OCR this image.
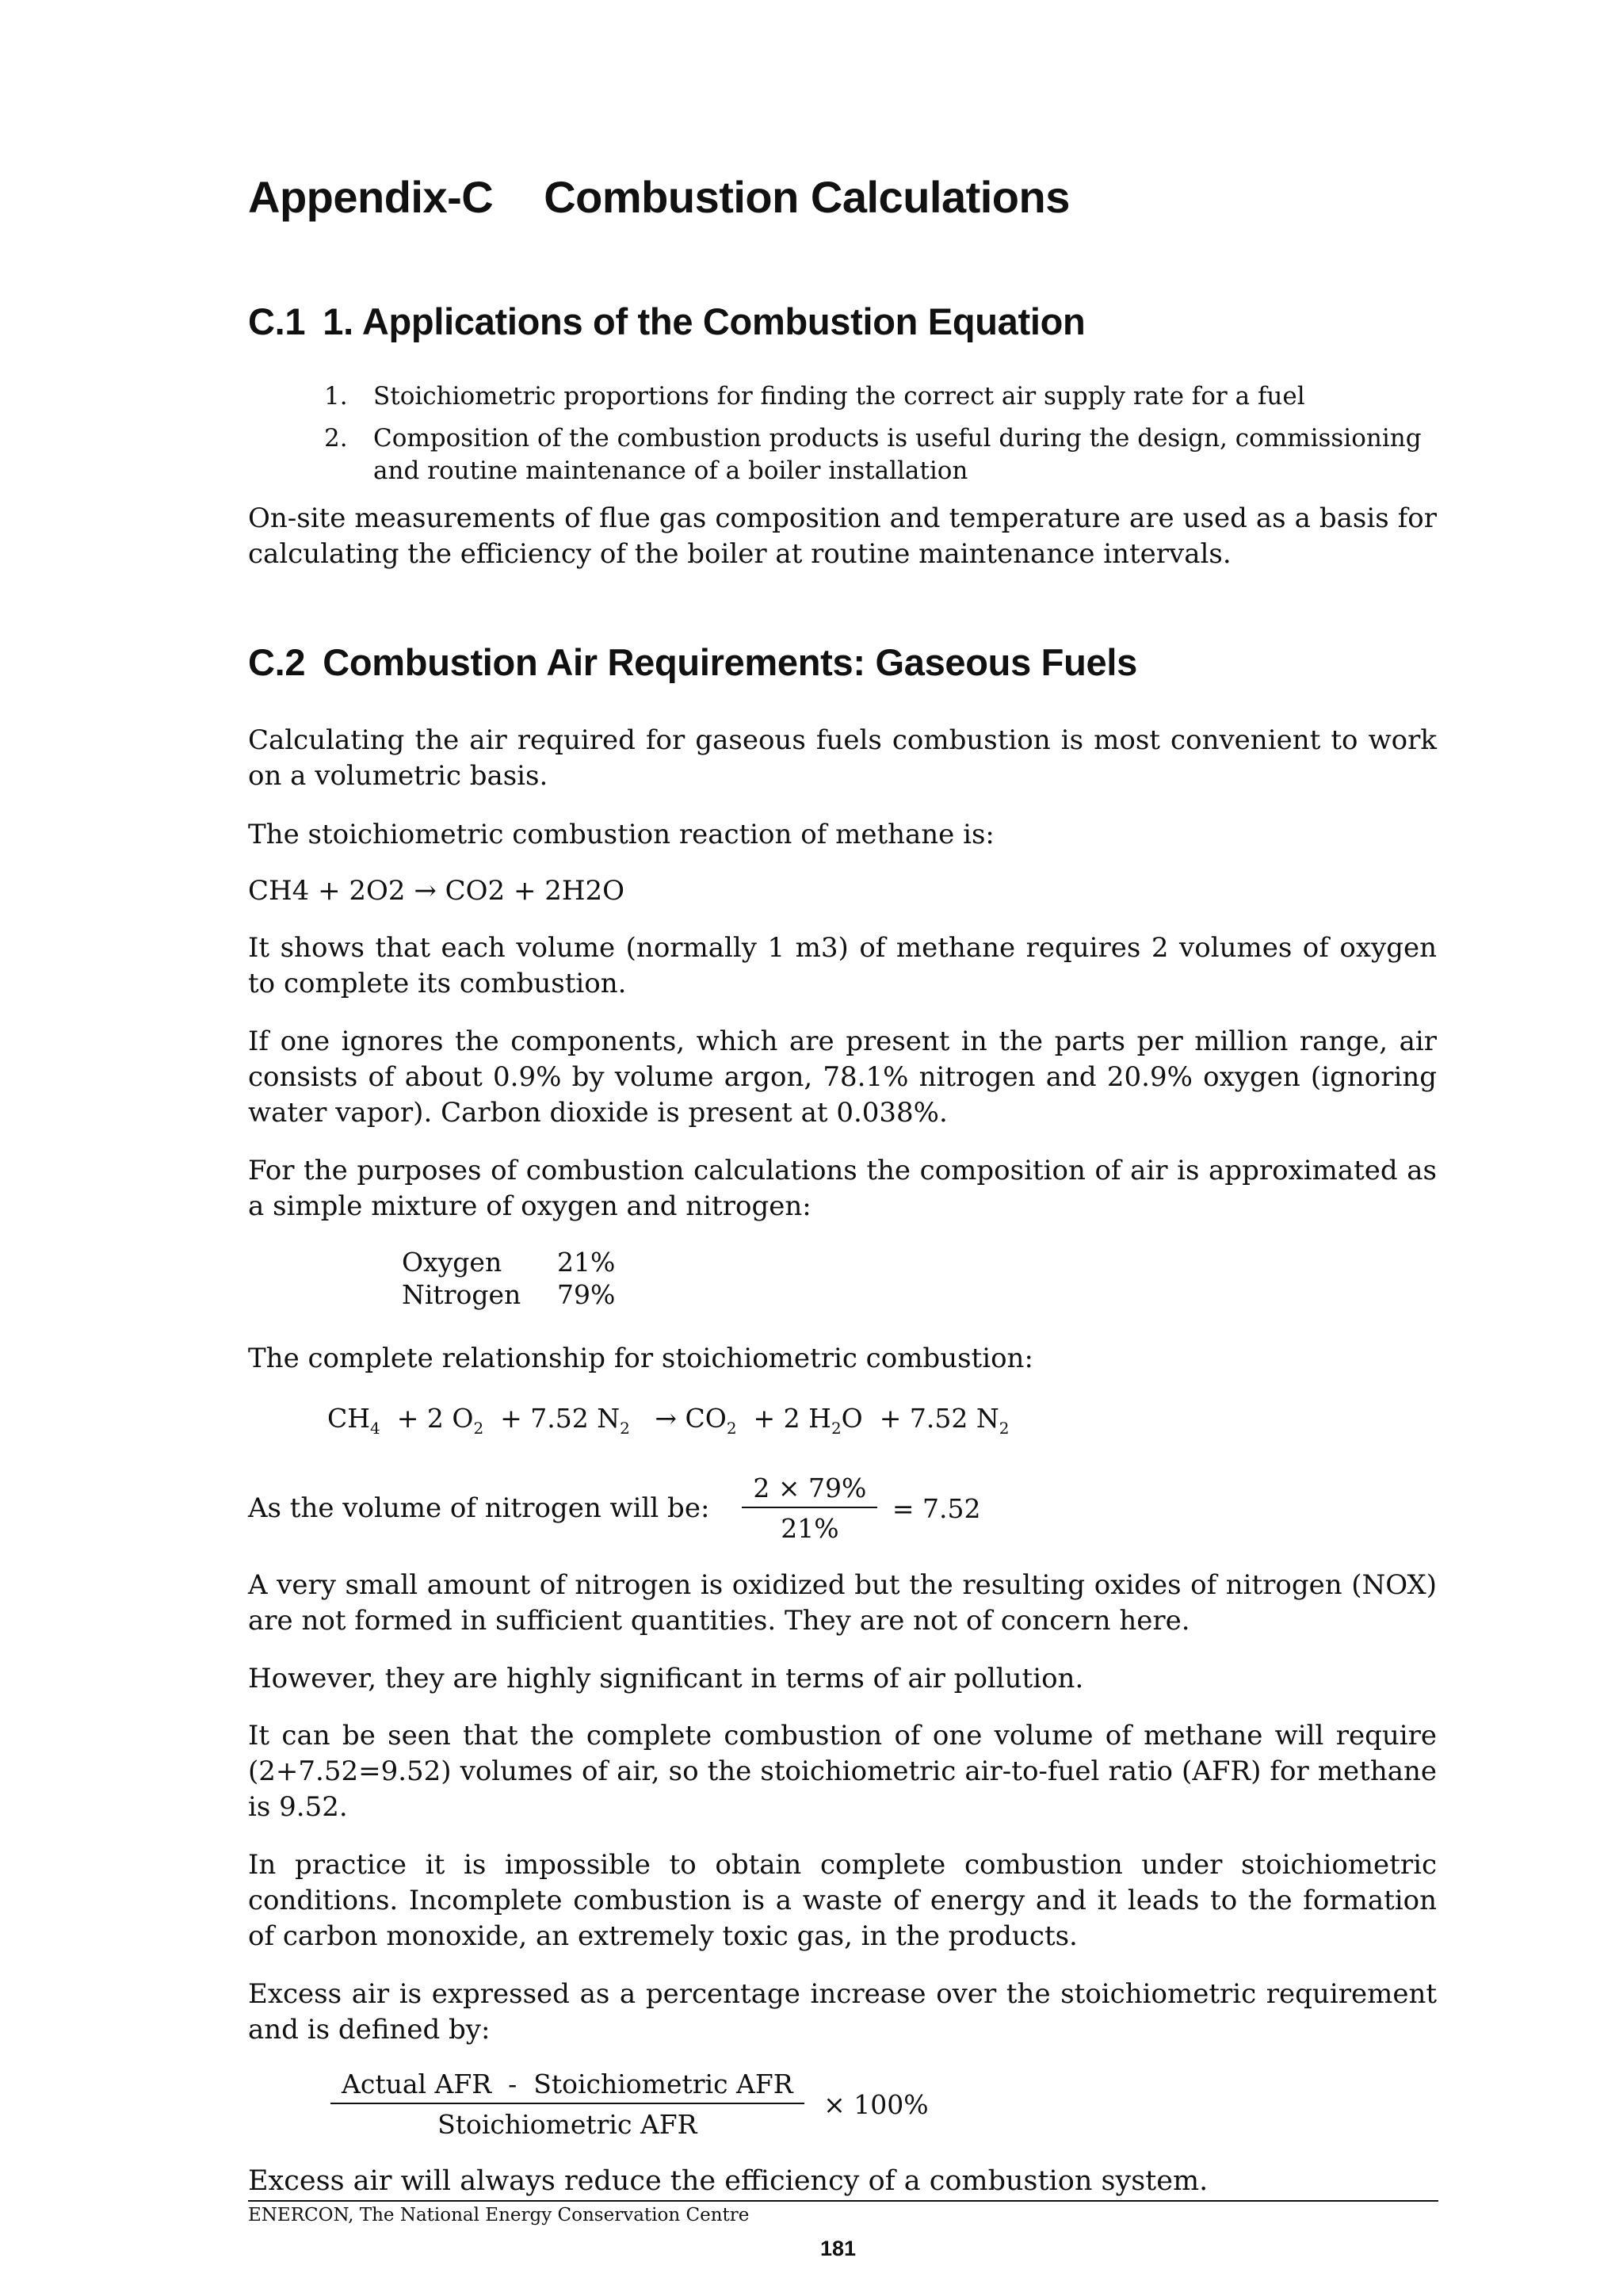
Appendix-C Combustion Calculations
C.1 1. Applications of the Combustion Equation
1. Stoichiometric proportions for finding the correct air supply rate for a fuel
2. Composition of the combustion products is useful during the design, commissioning and routine maintenance of a boiler installation

On-site measurements of flue gas composition and temperature are used as a basis for calculating the efficiency of the boiler at routine maintenance intervals.

C.2 Combustion Air Requirements: Gaseous Fuels

Calculating the air required for gaseous fuels combustion is most convenient to work on a volumetric basis.

The stoichiometric combustion reaction of methane is:

CH4 + 2O2 → CO2 + 2H2O

It shows that each volume (normally 1 m3) of methane requires 2 volumes of oxygen to complete its combustion.

If one ignores the components, which are present in the parts per million range, air consists of about 0.9% by volume argon, 78.1% nitrogen and 20.9% oxygen (ignoring water vapor). Carbon dioxide is present at 0.038%.

For the purposes of combustion calculations the composition of air is approximated as a simple mixture of oxygen and nitrogen:

Oxygen	21%
Nitrogen	79%

The complete relationship for stoichiometric combustion:

$CH_4 + 2$ $O_2 + 7.52$ $N_2 \to CO_2 + 2$ $H_2O + 7.52$ $N_2$
As the volume of nitrogen will be: $\frac{2 \times 79\%}{21\%} = 7.52$

A very small amount of nitrogen is oxidized but the resulting oxides of nitrogen (NOX) are not formed in sufficient quantities. They are not of concern here.

However, they are highly significant in terms of air pollution.

It can be seen that the complete combustion of one volume of methane will require (2+7.52=9.52) volumes of air, so the stoichiometric air-to-fuel ratio (AFR) for methane is 9.52.

In practice it is impossible to obtain complete combustion under stoichiometric conditions. Incomplete combustion is a waste of energy and it leads to the formation of carbon monoxide, an extremely toxic gas, in the products.

Excess air is expressed as a percentage increase over the stoichiometric requirement and is defined by:

$\frac{\text{Actual AFR  -  Stoichiometric AFR}}{\text{Stoichiometric AFR}} \times 100\%$

Excess air will always reduce the efficiency of a combustion system.

ENERCON, The National Energy Conservation Centre
181
